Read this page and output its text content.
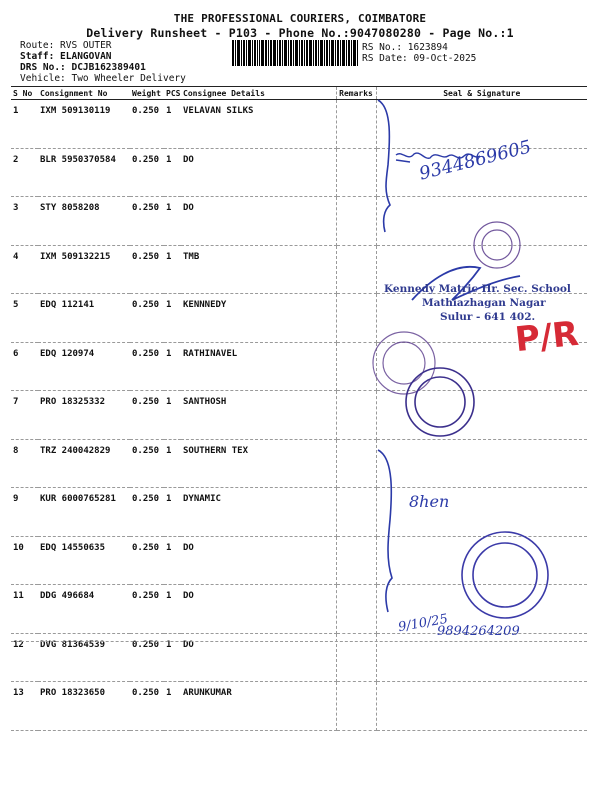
THE PROFESSIONAL COURIERS, COIMBATORE
Delivery Runsheet - P103 - Phone No.:9047080280 - Page No.:1
Route: RVS OUTER
Staff: ELANGOVAN
DRS No.: DCJB162389401
Vehicle: Two Wheeler Delivery
RS No.: 1623894
RS Date: 09-Oct-2025
S No	Consignment No	Weight	PCS	Consignee Details	Remarks	Seal & Signature
1	IXM 509130119	0.250	1	VELAVAN SILKS		
2	BLR 5950370584	0.250	1	DO		
3	STY 8058208	0.250	1	DO		
4	IXM 509132215	0.250	1	TMB		
5	EDQ 112141	0.250	1	KENNNEDY		
6	EDQ 120974	0.250	1	RATHINAVEL		
7	PRO 18325332	0.250	1	SANTHOSH		
8	TRZ 240042829	0.250	1	SOUTHERN TEX		
9	KUR 6000765281	0.250	1	DYNAMIC		
10	EDQ 14550635	0.250	1	DO		
11	DDG 496684	0.250	1	DO		
12	DVG 81364539	0.250	1	DO		
13	PRO 18323650	0.250	1	ARUNKUMAR		
Kennedy Matric Hr. Sec. School
Mathiazhagan Nagar
Sulur - 641 402.
P/R
9344869605
8hen
9/10/25
9894264209
